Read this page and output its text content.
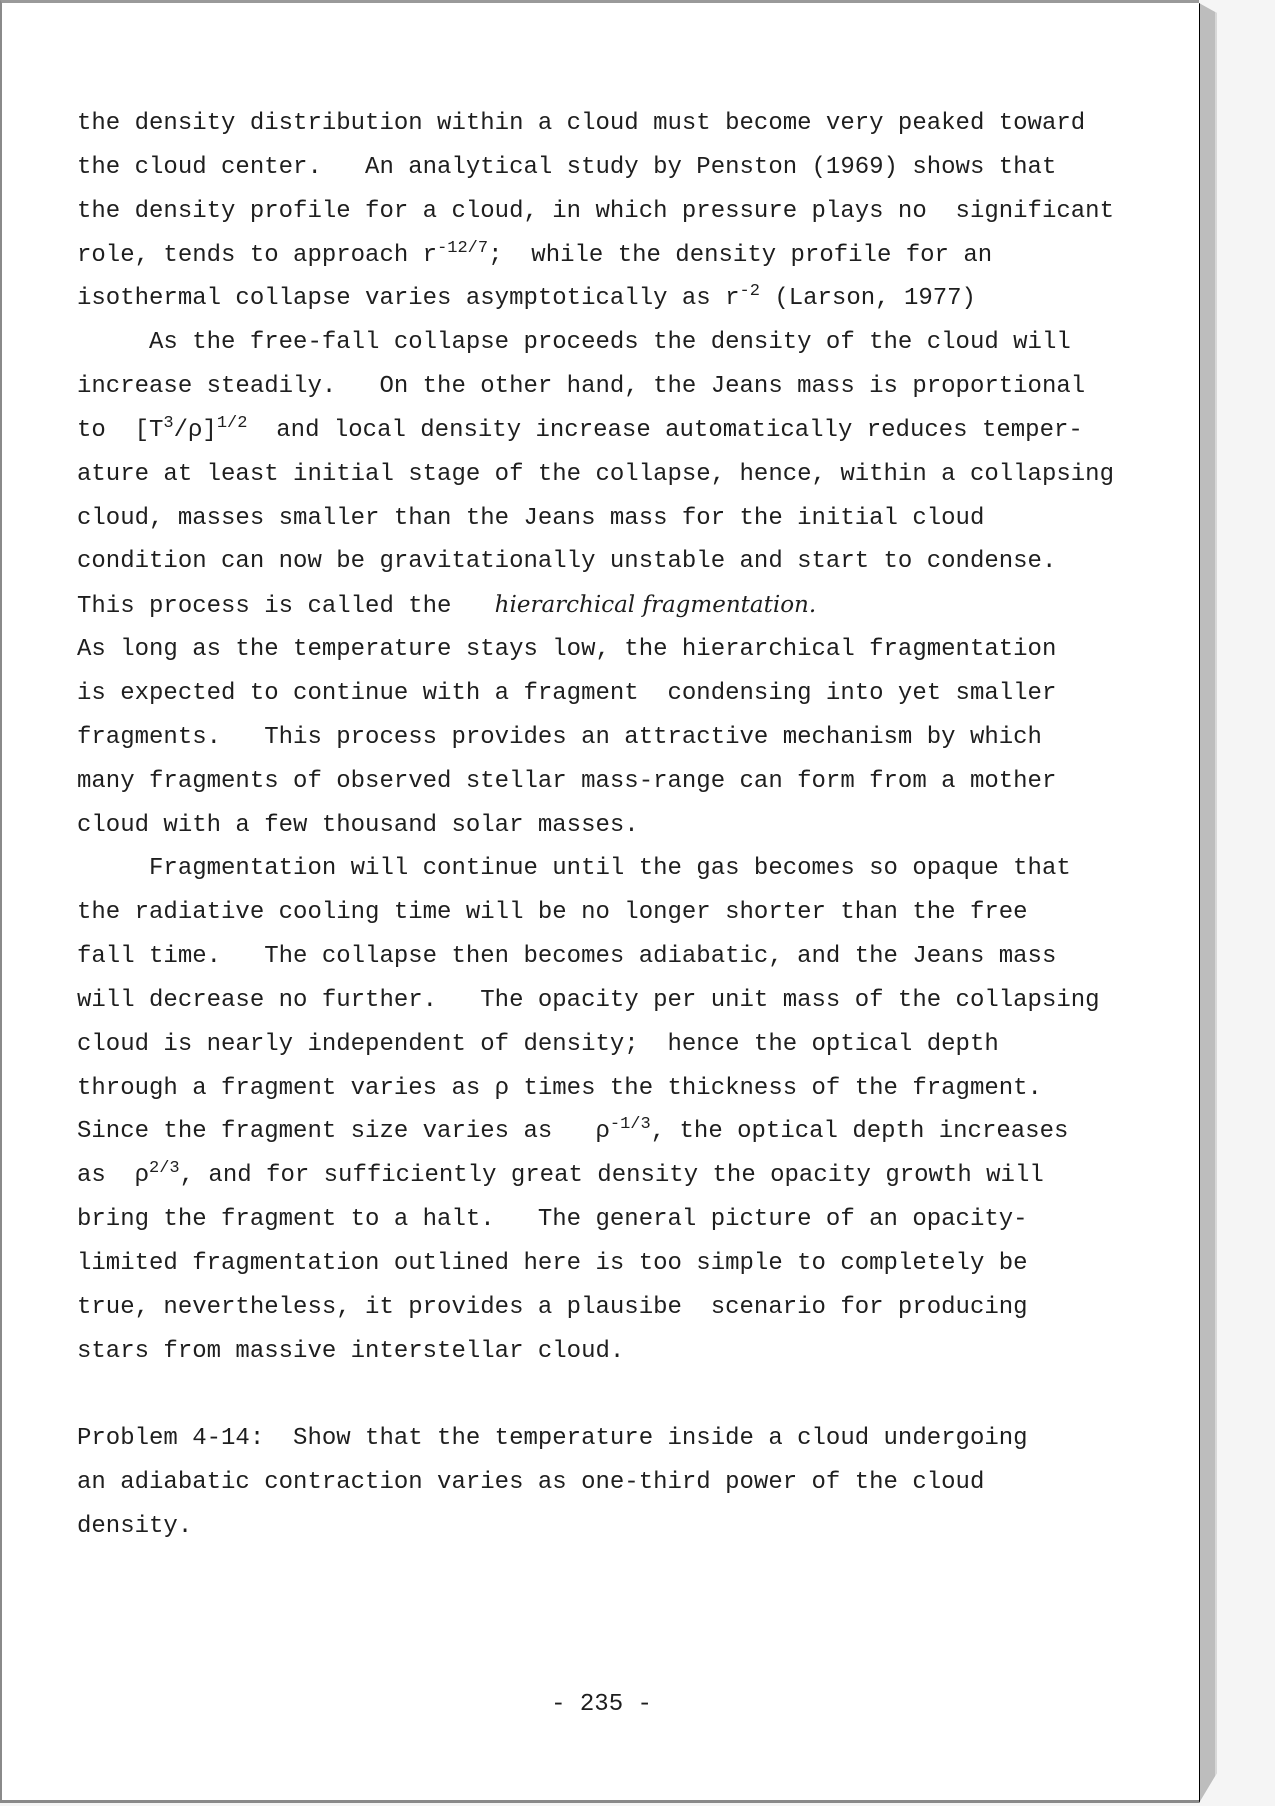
the density distribution within a cloud must become very peaked toward
the cloud center.   An analytical study by Penston (1969) shows that
the density profile for a cloud, in which pressure plays no  significant
role, tends to approach $r^{-12/7}$;  while the density profile for an
isothermal collapse varies asymptotically as $r^{-2}$ (Larson, 1977)
As the free-fall collapse proceeds the density of the cloud will
increase steadily.   On the other hand, the Jeans mass is proportional
to  $[T^3/\rho]^{1/2}$  and local density increase automatically reduces temper-
ature at least initial stage of the collapse, hence, within a collapsing
cloud, masses smaller than the Jeans mass for the initial cloud
condition can now be gravitationally unstable and start to condense.
This process is called the   hierarchical fragmentation.
As long as the temperature stays low, the hierarchical fragmentation
is expected to continue with a fragment  condensing into yet smaller
fragments.   This process provides an attractive mechanism by which
many fragments of observed stellar mass-range can form from a mother
cloud with a few thousand solar masses.
Fragmentation will continue until the gas becomes so opaque that
the radiative cooling time will be no longer shorter than the free
fall time.   The collapse then becomes adiabatic, and the Jeans mass
will decrease no further.   The opacity per unit mass of the collapsing
cloud is nearly independent of density;  hence the optical depth
through a fragment varies as ρ times the thickness of the fragment.
Since the fragment size varies as   $\rho^{-1/3}$, the optical depth increases
as  $\rho^{2/3}$, and for sufficiently great density the opacity growth will
bring the fragment to a halt.   The general picture of an opacity-
limited fragmentation outlined here is too simple to completely be
true, nevertheless, it provides a plausibe  scenario for producing
stars from massive interstellar cloud.
Problem 4-14:  Show that the temperature inside a cloud undergoing
an adiabatic contraction varies as one-third power of the cloud
density.
- 235 -
